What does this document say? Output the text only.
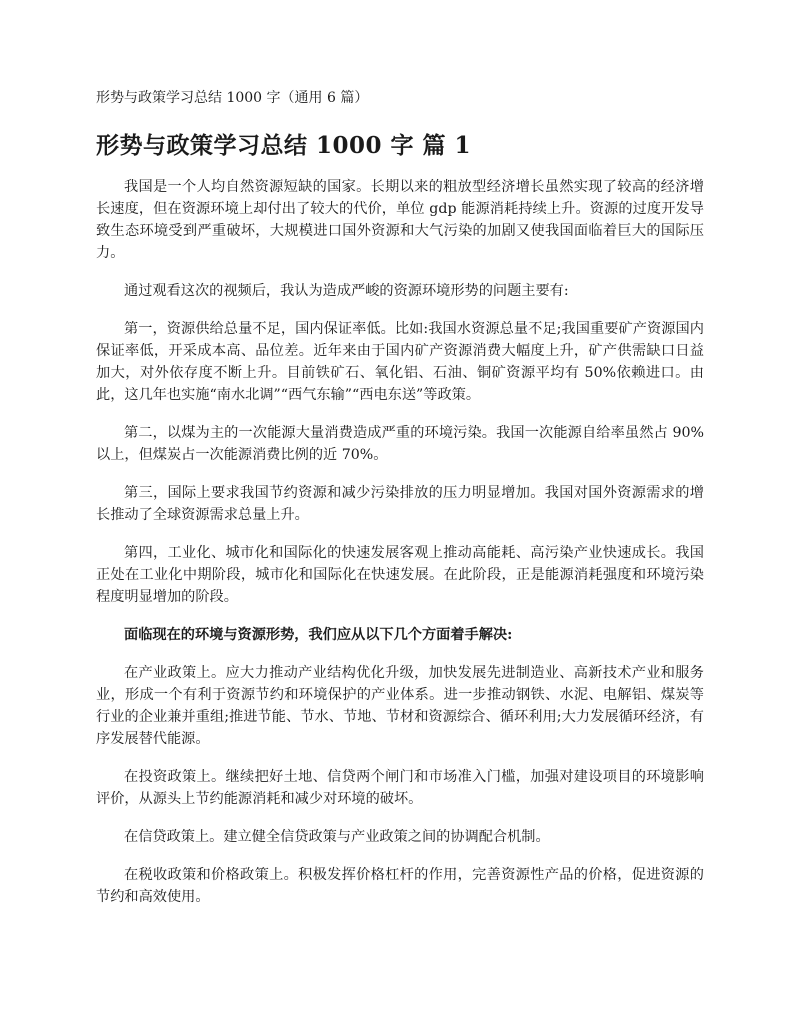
形势与政策学习总结 1000 字（通用 6 篇）
形势与政策学习总结 1000 字 篇 1

我国是一个人均自然资源短缺的国家。长期以来的粗放型经济增长虽然实现了较高的经济增长速度，但在资源环境上却付出了较大的代价，单位 gdp 能源消耗持续上升。资源的过度开发导致生态环境受到严重破坏，大规模进口国外资源和大气污染的加剧又使我国面临着巨大的国际压力。

通过观看这次的视频后，我认为造成严峻的资源环境形势的问题主要有:

第一，资源供给总量不足，国内保证率低。比如:我国水资源总量不足;我国重要矿产资源国内保证率低，开采成本高、品位差。近年来由于国内矿产资源消费大幅度上升，矿产供需缺口日益加大，对外依存度不断上升。目前铁矿石、氧化铝、石油、铜矿资源平均有 50%依赖进口。由此，这几年也实施“南水北调”“西气东输”“西电东送”等政策。

第二，以煤为主的一次能源大量消费造成严重的环境污染。我国一次能源自给率虽然占 90%以上，但煤炭占一次能源消费比例的近 70%。

第三，国际上要求我国节约资源和减少污染排放的压力明显增加。我国对国外资源需求的增长推动了全球资源需求总量上升。

第四，工业化、城市化和国际化的快速发展客观上推动高能耗、高污染产业快速成长。我国正处在工业化中期阶段，城市化和国际化在快速发展。在此阶段，正是能源消耗强度和环境污染程度明显增加的阶段。

面临现在的环境与资源形势，我们应从以下几个方面着手解决:

在产业政策上。应大力推动产业结构优化升级，加快发展先进制造业、高新技术产业和服务业，形成一个有利于资源节约和环境保护的产业体系。进一步推动钢铁、水泥、电解铝、煤炭等行业的企业兼并重组;推进节能、节水、节地、节材和资源综合、循环利用;大力发展循环经济，有序发展替代能源。

在投资政策上。继续把好土地、信贷两个闸门和市场准入门槛，加强对建设项目的环境影响评价，从源头上节约能源消耗和减少对环境的破坏。

在信贷政策上。建立健全信贷政策与产业政策之间的协调配合机制。

在税收政策和价格政策上。积极发挥价格杠杆的作用，完善资源性产品的价格，促进资源的节约和高效使用。
